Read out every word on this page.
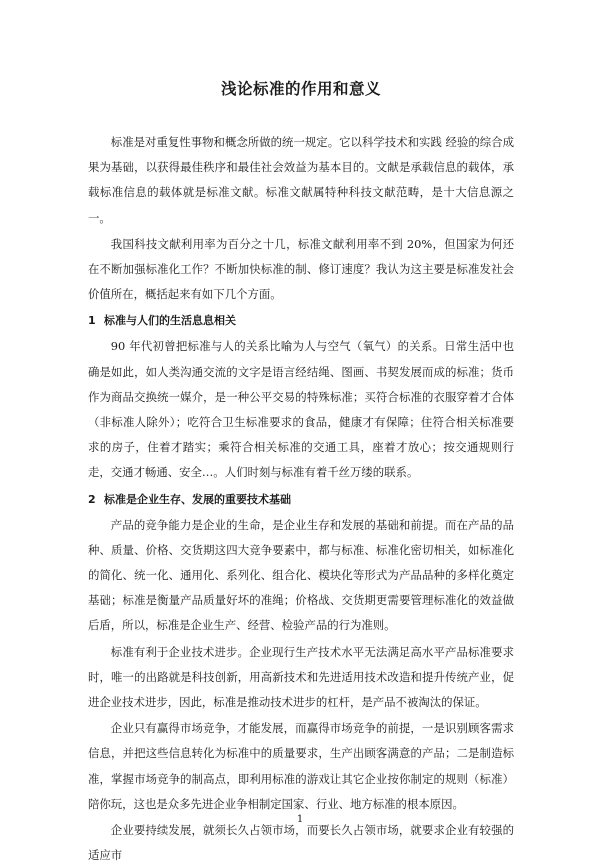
浅论标准的作用和意义

标准是对重复性事物和概念所做的统一规定。它以科学技术和实践 经验的综合成果为基础，以获得最佳秩序和最佳社会效益为基本目的。文献是承载信息的载体，承载标准信息的载体就是标准文献。标准文献属特种科技文献范畴，是十大信息源之一。

我国科技文献利用率为百分之十几，标准文献利用率不到 20%，但国家为何还在不断加强标准化工作？不断加快标准的制、修订速度？我认为这主要是标准发社会价值所在，概括起来有如下几个方面。

1 标准与人们的生活息息相关

90 年代初曾把标准与人的关系比喻为人与空气（氧气）的关系。日常生活中也确是如此，如人类沟通交流的文字是语言经结绳、图画、书契发展而成的标准；货币作为商品交换统一媒介，是一种公平交易的特殊标准；买符合标准的衣服穿着才合体（非标准人除外）；吃符合卫生标准要求的食品，健康才有保障；住符合相关标准要求的房子，住着才踏实；乘符合相关标准的交通工具，座着才放心；按交通规则行走，交通才畅通、安全…。人们时刻与标准有着千丝万缕的联系。

2 标准是企业生存、发展的重要技术基础

产品的竞争能力是企业的生命，是企业生存和发展的基础和前提。而在产品的品种、质量、价格、交货期这四大竞争要素中，都与标准、标准化密切相关，如标准化的简化、统一化、通用化、系列化、组合化、模块化等形式为产品品种的多样化奠定基础；标准是衡量产品质量好坏的准绳；价格战、交货期更需要管理标准化的效益做后盾，所以，标准是企业生产、经营、检验产品的行为准则。

标准有利于企业技术进步。企业现行生产技术水平无法满足高水平产品标准要求时，唯一的出路就是科技创新，用高新技术和先进适用技术改造和提升传统产业，促进企业技术进步，因此，标准是推动技术进步的杠杆，是产品不被淘汰的保证。

企业只有赢得市场竞争，才能发展，而赢得市场竞争的前提，一是识别顾客需求信息，并把这些信息转化为标准中的质量要求，生产出顾客满意的产品；二是制造标准，掌握市场竞争的制高点，即利用标准的游戏让其它企业按你制定的规则（标准）陪你玩，这也是众多先进企业争相制定国家、行业、地方标准的根本原因。

企业要持续发展，就须长久占领市场，而要长久占领市场，就要求企业有较强的适应市

1
